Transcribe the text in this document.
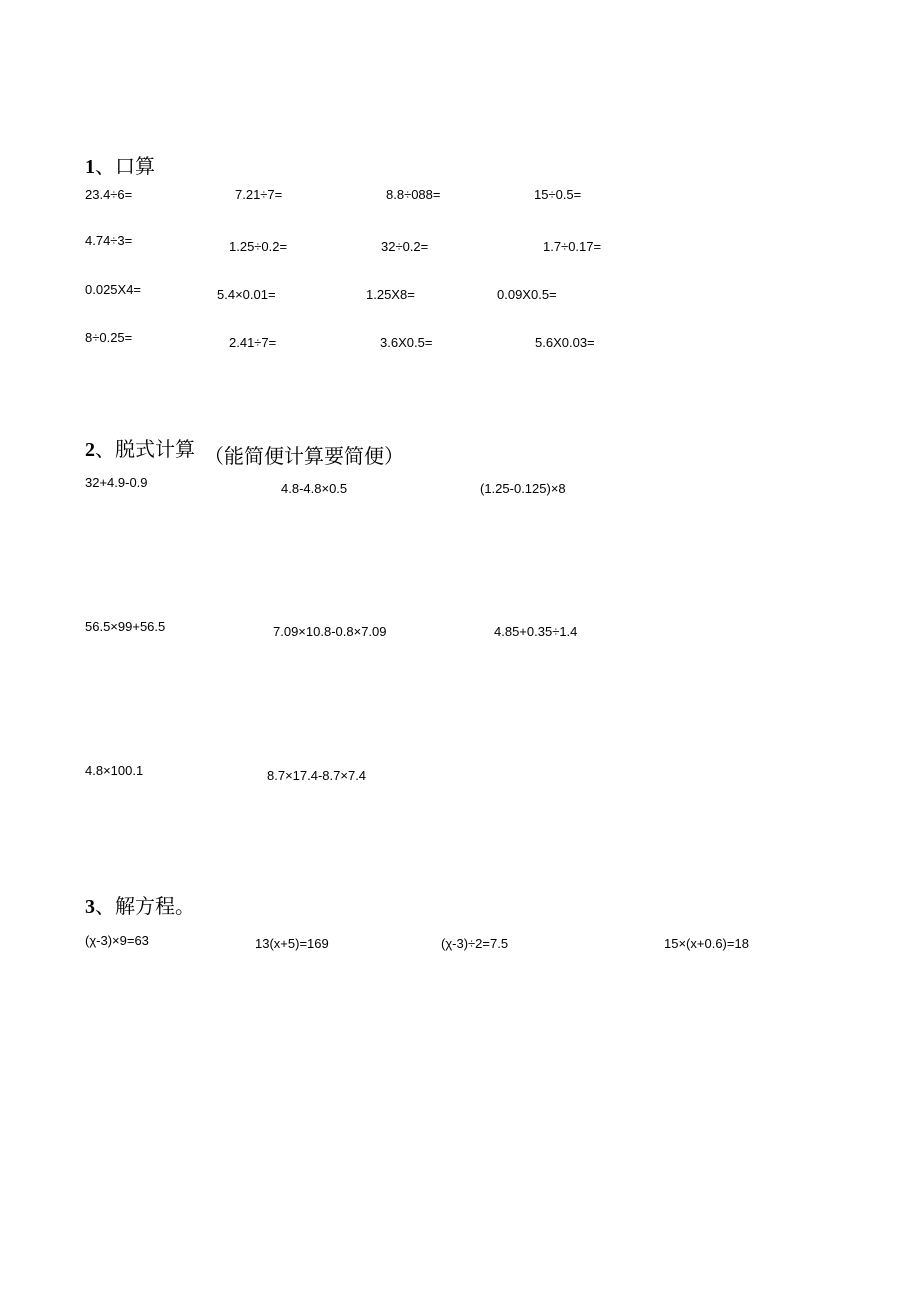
1、口算
23.4÷6=	7.21÷7=	8.8÷088=	15÷0.5=
4.74÷3=	1.25÷0.2=	32÷0.2=	1.7÷0.17=
0.025X4=	5.4×0.01=	1.25X8=	0.09X0.5=
8÷0.25=	2.41÷7=	3.6X0.5=	5.6X0.03=
2、脱式计算 （能简便计算要简便）
32+4.9-0.9	4.8-4.8×0.5	(1.25-0.125)×8
56.5×99+56.5	7.09×10.8-0.8×7.09	4.85+0.35÷1.4
4.8×100.1	8.7×17.4-8.7×7.4
3、解方程。
(χ-3)×9=63	13(x+5)=169	(χ-3)÷2=7.5	15×(x+0.6)=18
